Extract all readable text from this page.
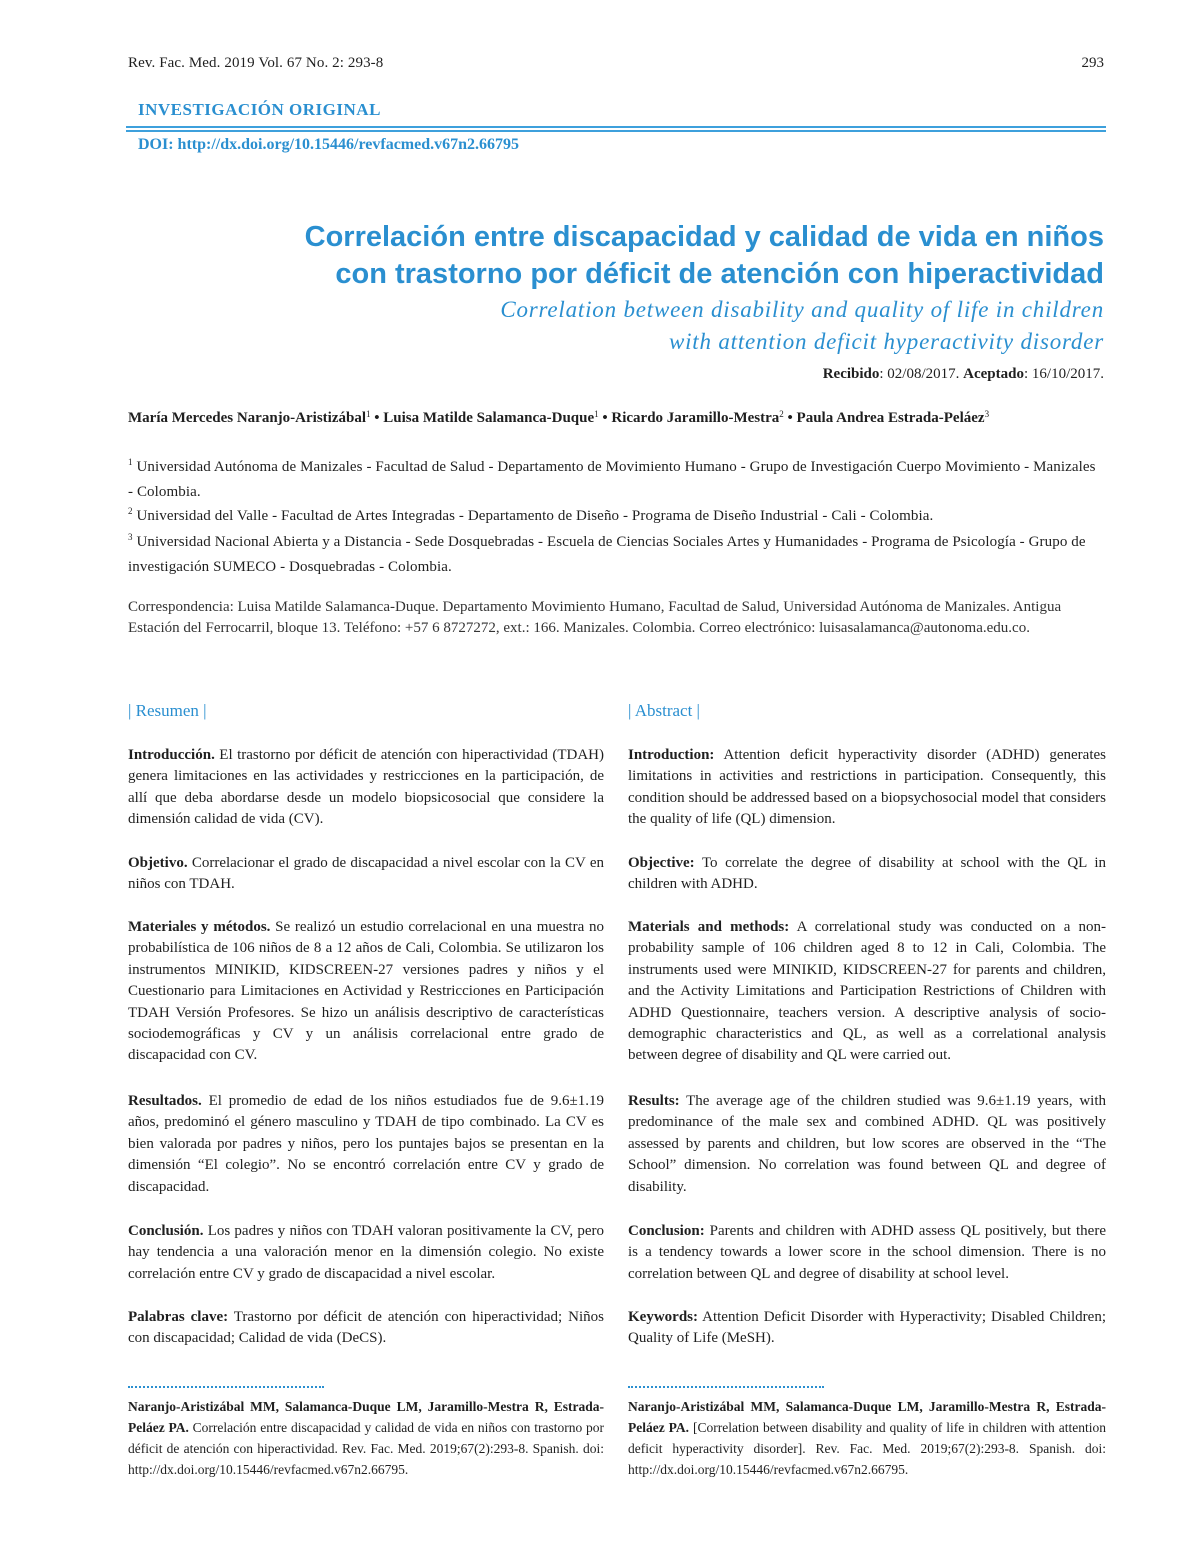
Rev. Fac. Med. 2019 Vol. 67 No. 2: 293-8	293
INVESTIGACIÓN ORIGINAL
DOI: http://dx.doi.org/10.15446/revfacmed.v67n2.66795
Correlación entre discapacidad y calidad de vida en niños
con trastorno por déficit de atención con hiperactividad
Correlation between disability and quality of life in children
with attention deficit hyperactivity disorder
Recibido: 02/08/2017. Aceptado: 16/10/2017.
María Mercedes Naranjo-Aristizábal$^1$ • Luisa Matilde Salamanca-Duque$^1$ • Ricardo Jaramillo-Mestra$^2$ • Paula Andrea Estrada-Peláez$^3$
$^1$ Universidad Autónoma de Manizales - Facultad de Salud - Departamento de Movimiento Humano - Grupo de Investigación Cuerpo Movimiento - Manizales - Colombia.
$^2$ Universidad del Valle - Facultad de Artes Integradas - Departamento de Diseño - Programa de Diseño Industrial - Cali - Colombia.
$^3$ Universidad Nacional Abierta y a Distancia - Sede Dosquebradas - Escuela de Ciencias Sociales Artes y Humanidades - Programa de Psicología - Grupo de investigación SUMECO - Dosquebradas - Colombia.
Correspondencia: Luisa Matilde Salamanca-Duque. Departamento Movimiento Humano, Facultad de Salud, Universidad Autónoma de Manizales. Antigua Estación del Ferrocarril, bloque 13. Teléfono: +57 6 8727272, ext.: 166. Manizales. Colombia. Correo electrónico: luisasalamanca@autonoma.edu.co.
| Resumen |
Introducción. El trastorno por déficit de atención con hiperactividad (TDAH) genera limitaciones en las actividades y restricciones en la participación, de allí que deba abordarse desde un modelo biopsicosocial que considere la dimensión calidad de vida (CV).
Objetivo. Correlacionar el grado de discapacidad a nivel escolar con la CV en niños con TDAH.
Materiales y métodos. Se realizó un estudio correlacional en una muestra no probabilística de 106 niños de 8 a 12 años de Cali, Colombia. Se utilizaron los instrumentos MINIKID, KIDSCREEN-27 versiones padres y niños y el Cuestionario para Limitaciones en Actividad y Restricciones en Participación TDAH Versión Profesores. Se hizo un análisis descriptivo de características sociodemográficas y CV y un análisis correlacional entre grado de discapacidad con CV.
Resultados. El promedio de edad de los niños estudiados fue de 9.6±1.19 años, predominó el género masculino y TDAH de tipo combinado. La CV es bien valorada por padres y niños, pero los puntajes bajos se presentan en la dimensión “El colegio”. No se encontró correlación entre CV y grado de discapacidad.
Conclusión. Los padres y niños con TDAH valoran positivamente la CV, pero hay tendencia a una valoración menor en la dimensión colegio. No existe correlación entre CV y grado de discapacidad a nivel escolar.
Palabras clave: Trastorno por déficit de atención con hiperactividad; Niños con discapacidad; Calidad de vida (DeCS).
Naranjo-Aristizábal MM, Salamanca-Duque LM, Jaramillo-Mestra R, Estrada-Peláez PA. Correlación entre discapacidad y calidad de vida en niños con trastorno por déficit de atención con hiperactividad. Rev. Fac. Med. 2019;67(2):293-8. Spanish. doi: http://dx.doi.org/10.15446/revfacmed.v67n2.66795.
| Abstract |
Introduction: Attention deficit hyperactivity disorder (ADHD) generates limitations in activities and restrictions in participation. Consequently, this condition should be addressed based on a biopsychosocial model that considers the quality of life (QL) dimension.
Objective: To correlate the degree of disability at school with the QL in children with ADHD.
Materials and methods: A correlational study was conducted on a non-probability sample of 106 children aged 8 to 12 in Cali, Colombia. The instruments used were MINIKID, KIDSCREEN-27 for parents and children, and the Activity Limitations and Participation Restrictions of Children with ADHD Questionnaire, teachers version. A descriptive analysis of socio-demographic characteristics and QL, as well as a correlational analysis between degree of disability and QL were carried out.
Results: The average age of the children studied was 9.6±1.19 years, with predominance of the male sex and combined ADHD. QL was positively assessed by parents and children, but low scores are observed in the “The School” dimension. No correlation was found between QL and degree of disability.
Conclusion: Parents and children with ADHD assess QL positively, but there is a tendency towards a lower score in the school dimension. There is no correlation between QL and degree of disability at school level.
Keywords: Attention Deficit Disorder with Hyperactivity; Disabled Children; Quality of Life (MeSH).
Naranjo-Aristizábal MM, Salamanca-Duque LM, Jaramillo-Mestra R, Estrada-Peláez PA. [Correlation between disability and quality of life in children with attention deficit hyperactivity disorder]. Rev. Fac. Med. 2019;67(2):293-8. Spanish. doi: http://dx.doi.org/10.15446/revfacmed.v67n2.66795.
